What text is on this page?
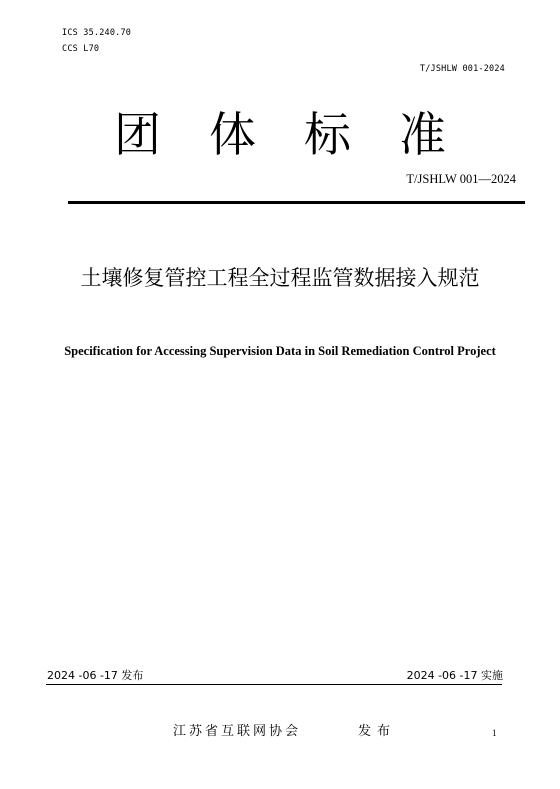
ICS 35.240.70
CCS L70
T/JSHLW 001-2024
团 体 标 准
T/JSHLW 001—2024
土壤修复管控工程全过程监管数据接入规范
Specification for Accessing Supervision Data in Soil Remediation Control Project
2024 -06 -17 发布	2024 -06 -17 实施
江苏省互联网协会	发布	1
